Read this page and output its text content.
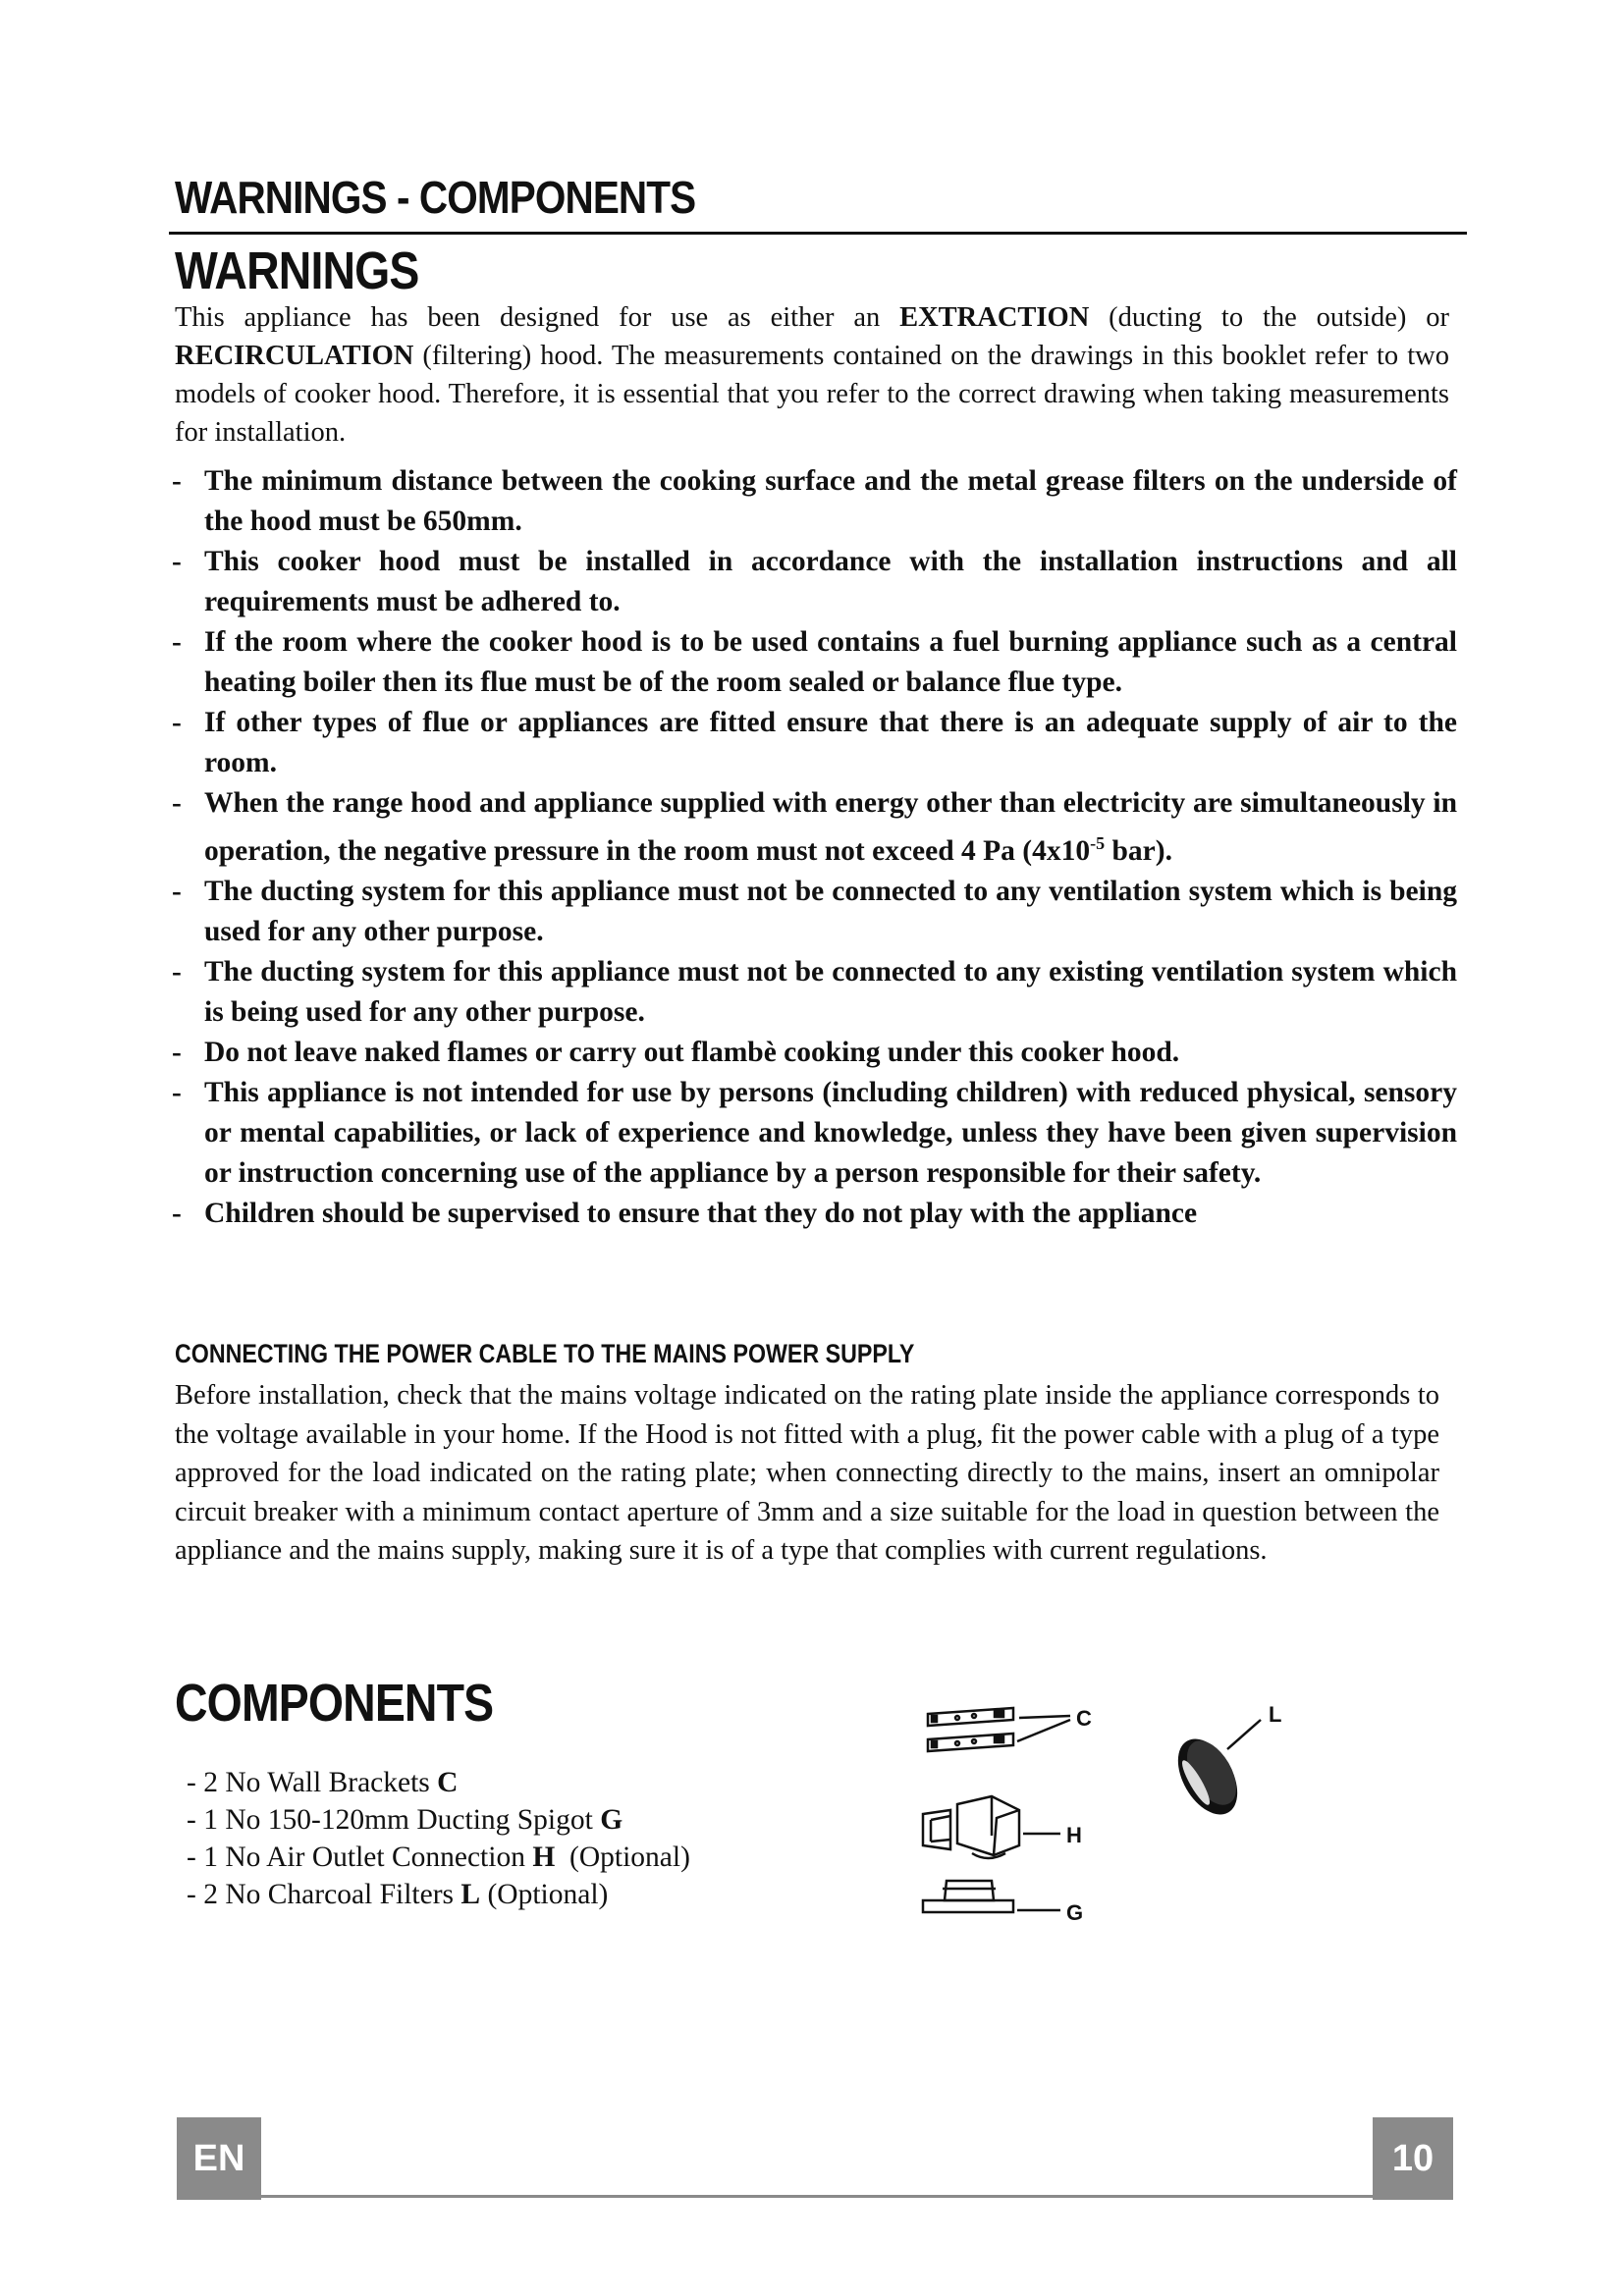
WARNINGS - COMPONENTS
WARNINGS

This appliance has been designed for use as either an EXTRACTION (ducting to the outside) or RECIRCULATION (filtering) hood. The measurements contained on the drawings in this booklet refer to two models of cooker hood. Therefore, it is essential that you refer to the correct drawing when taking measurements for installation.

- The minimum distance between the cooking surface and the metal grease filters on the underside of the hood must be 650mm.
- This cooker hood must be installed in accordance with the installation instructions and all requirements must be adhered to.
- If the room where the cooker hood is to be used contains a fuel burning appliance such as a central heating boiler then its flue must be of the room sealed or balance flue type.
- If other types of flue or appliances are fitted ensure that there is an adequate supply of air to the room.
- When the range hood and appliance supplied with energy other than electricity are simultaneously in operation, the negative pressure in the room must not exceed 4 Pa ($4x10^{-5}$ bar).
- The ducting system for this appliance must not be connected to any ventilation system which is being used for any other purpose.
- The ducting system for this appliance must not be connected to any existing ventilation system which is being used for any other purpose.
- Do not leave naked flames or carry out flambè cooking under this cooker hood.
- This appliance is not intended for use by persons (including children) with reduced physical, sensory or mental capabilities, or lack of experience and knowledge, unless they have been given supervision or instruction concerning use of the appliance by a person responsible for their safety.
- Children should be supervised to ensure that they do not play with the appliance
CONNECTING THE POWER CABLE TO THE MAINS POWER SUPPLY

Before installation, check that the mains voltage indicated on the rating plate inside the appliance corresponds to the voltage available in your home. If the Hood is not fitted with a plug, fit the power cable with a plug of a type approved for the load indicated on the rating plate; when connecting directly to the mains, insert an omnipolar circuit breaker with a minimum contact aperture of 3mm and a size suitable for the load in question between the appliance and the mains supply, making sure it is of a type that complies with current regulations.

COMPONENTS
- 2 No Wall Brackets C
- 1 No 150-120mm Ducting Spigot G
- 1 No Air Outlet Connection H  (Optional)
- 2 No Charcoal Filters L (Optional)
C
H
G
L
EN	10
